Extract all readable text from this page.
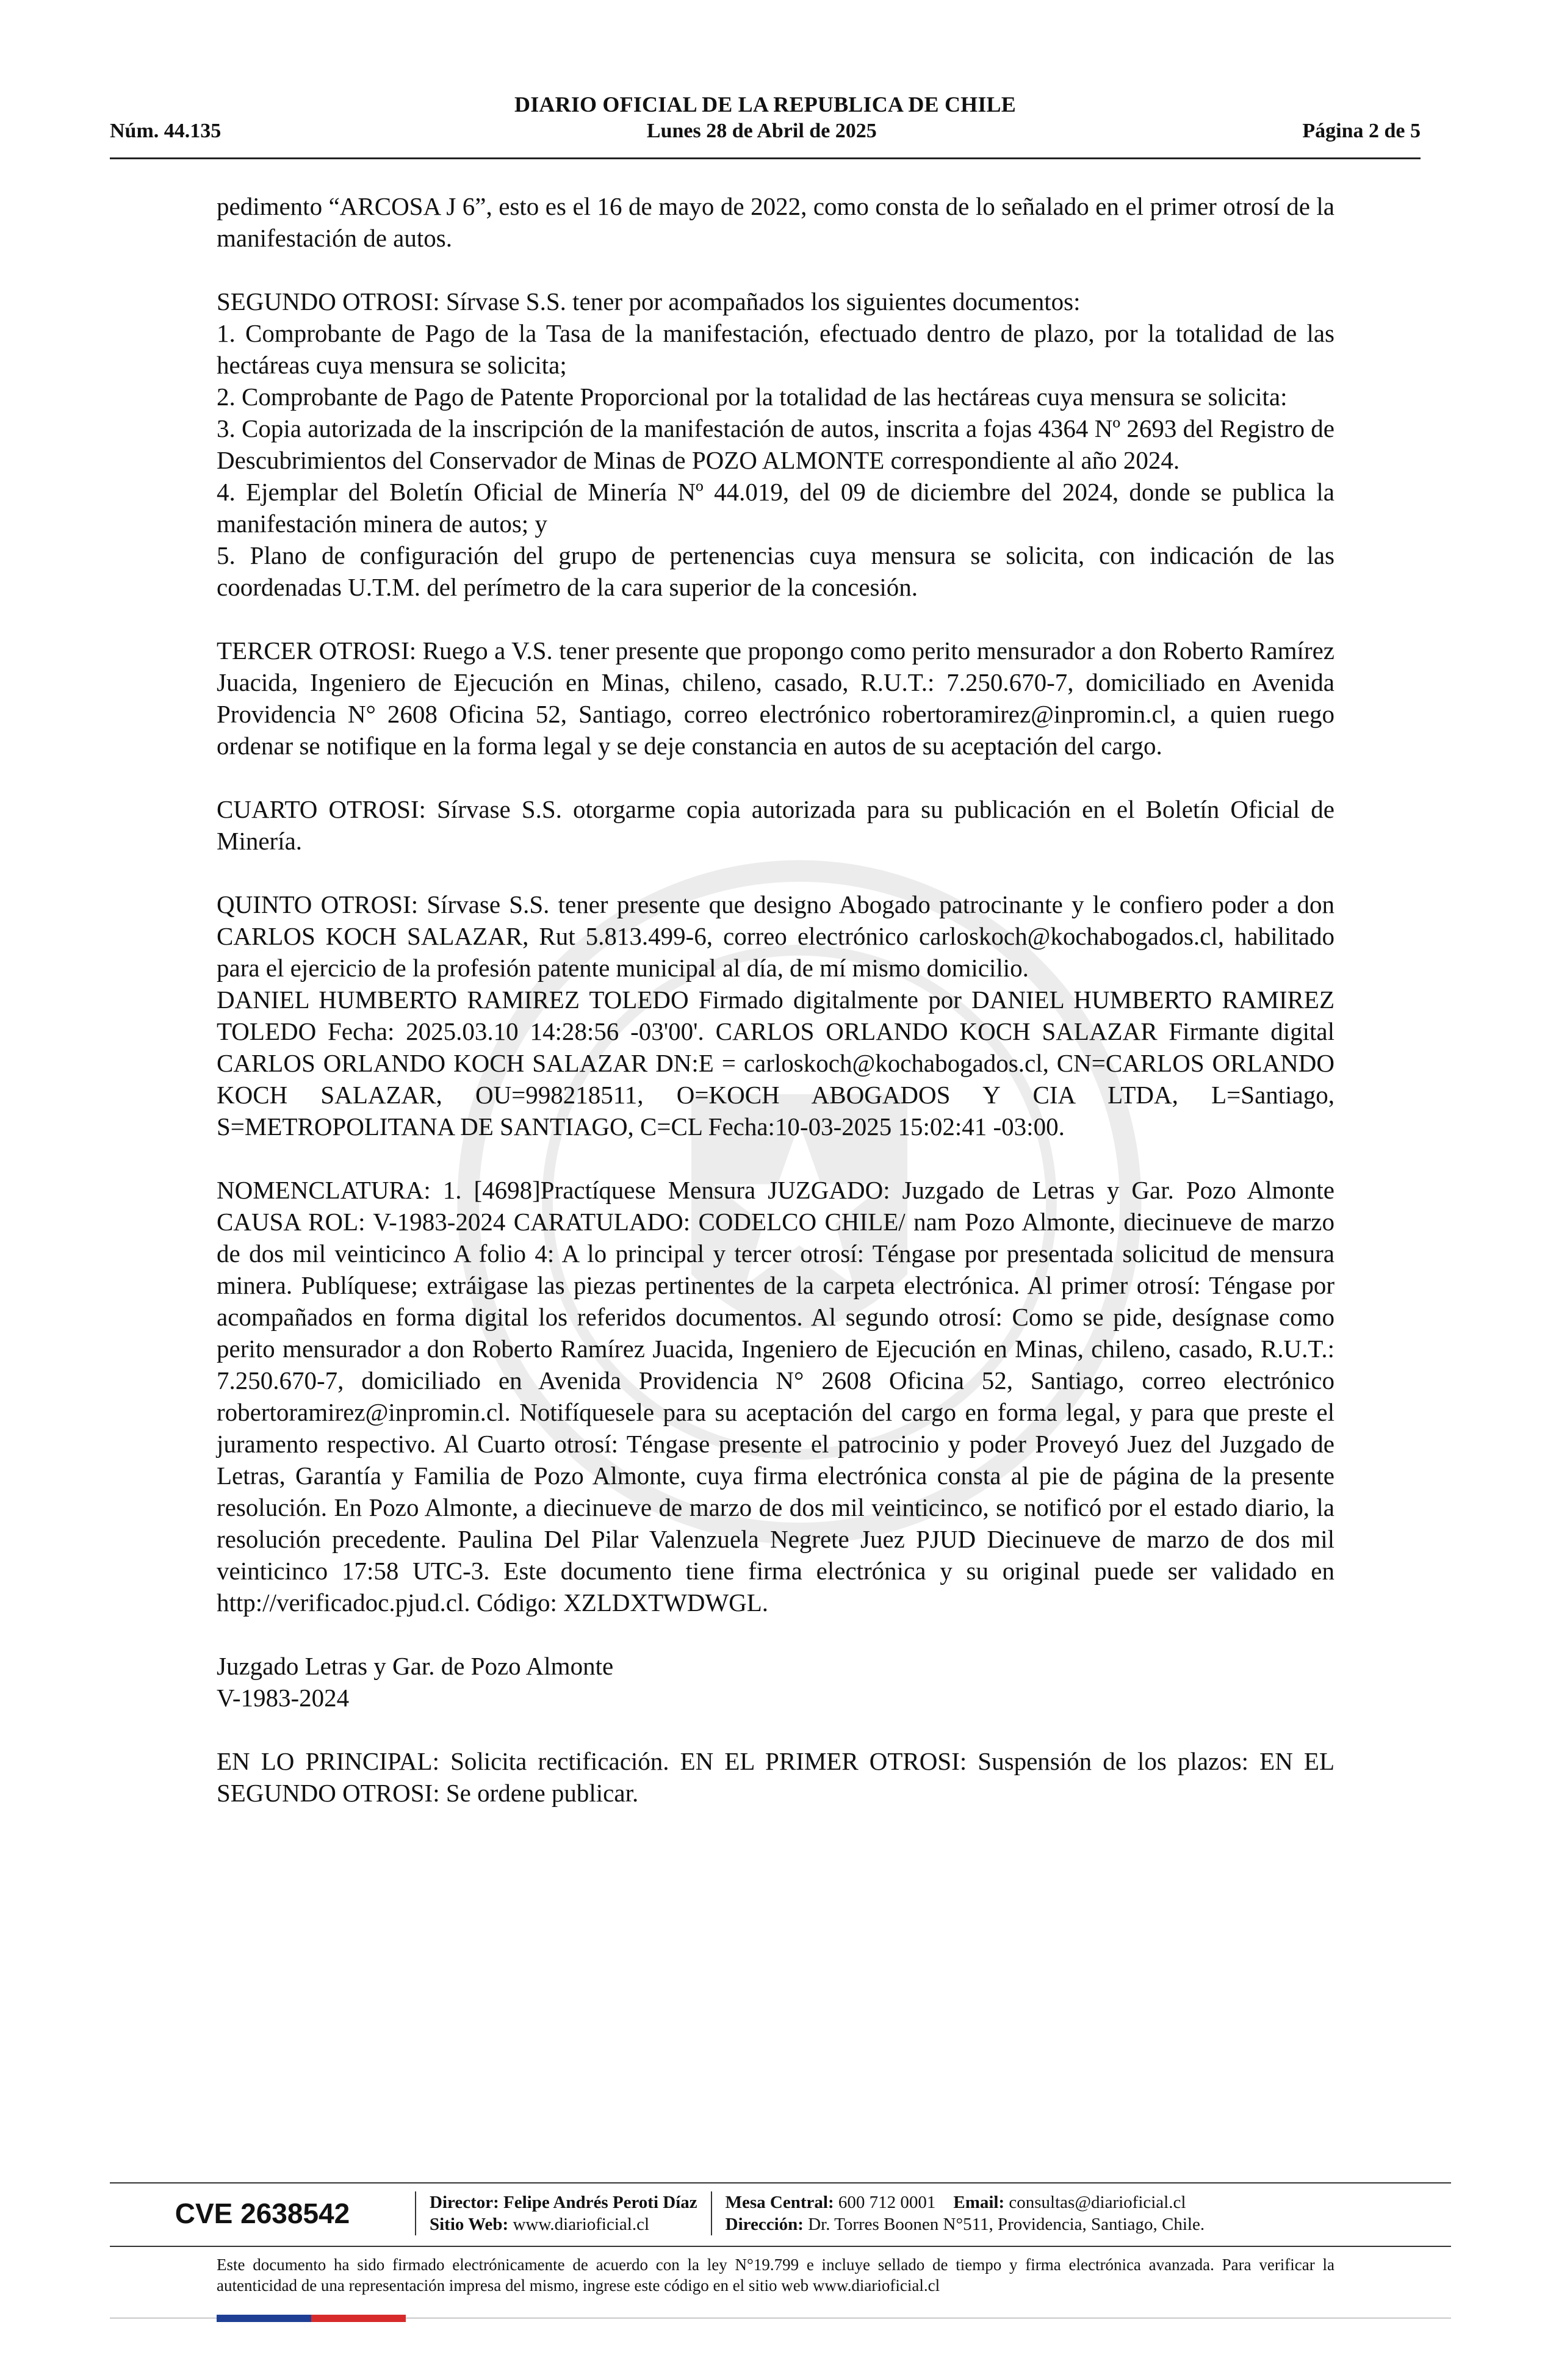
DIARIO OFICIAL DE LA REPUBLICA DE CHILE
Núm. 44.135	Lunes 28 de Abril de 2025	Página 2 de 5

pedimento “ARCOSA J 6”, esto es el 16 de mayo de 2022, como consta de lo señalado en el primer otrosí de la manifestación de autos.

SEGUNDO OTROSI: Sírvase S.S. tener por acompañados los siguientes documentos:

1. Comprobante de Pago de la Tasa de la manifestación, efectuado dentro de plazo, por la totalidad de las hectáreas cuya mensura se solicita;

2. Comprobante de Pago de Patente Proporcional por la totalidad de las hectáreas cuya mensura se solicita:

3. Copia autorizada de la inscripción de la manifestación de autos, inscrita a fojas 4364 Nº 2693 del Registro de Descubrimientos del Conservador de Minas de POZO ALMONTE correspondiente al año 2024.

4. Ejemplar del Boletín Oficial de Minería Nº 44.019, del 09 de diciembre del 2024, donde se publica la manifestación minera de autos; y

5. Plano de configuración del grupo de pertenencias cuya mensura se solicita, con indicación de las coordenadas U.T.M. del perímetro de la cara superior de la concesión.

TERCER OTROSI: Ruego a V.S. tener presente que propongo como perito mensurador a don Roberto Ramírez Juacida, Ingeniero de Ejecución en Minas, chileno, casado, R.U.T.: 7.250.670-7, domiciliado en Avenida Providencia N° 2608 Oficina 52, Santiago, correo electrónico robertoramirez@inpromin.cl, a quien ruego ordenar se notifique en la forma legal y se deje constancia en autos de su aceptación del cargo.

CUARTO OTROSI: Sírvase S.S. otorgarme copia autorizada para su publicación en el Boletín Oficial de Minería.

QUINTO OTROSI: Sírvase S.S. tener presente que designo Abogado patrocinante y le confiero poder a don CARLOS KOCH SALAZAR, Rut 5.813.499-6, correo electrónico carloskoch@kochabogados.cl, habilitado para el ejercicio de la profesión patente municipal al día, de mí mismo domicilio.

DANIEL HUMBERTO RAMIREZ TOLEDO Firmado digitalmente por DANIEL HUMBERTO RAMIREZ TOLEDO Fecha: 2025.03.10 14:28:56 -03'00'. CARLOS ORLANDO KOCH SALAZAR Firmante digital CARLOS ORLANDO KOCH SALAZAR DN:E = carloskoch@kochabogados.cl, CN=CARLOS ORLANDO KOCH SALAZAR, OU=998218511, O=KOCH ABOGADOS Y CIA LTDA, L=Santiago, S=METROPOLITANA DE SANTIAGO, C=CL Fecha:10-03-2025 15:02:41 -03:00.

NOMENCLATURA: 1. [4698]Practíquese Mensura JUZGADO: Juzgado de Letras y Gar. Pozo Almonte CAUSA ROL: V-1983-2024 CARATULADO: CODELCO CHILE/ nam Pozo Almonte, diecinueve de marzo de dos mil veinticinco A folio 4: A lo principal y tercer otrosí: Téngase por presentada solicitud de mensura minera. Publíquese; extráigase las piezas pertinentes de la carpeta electrónica. Al primer otrosí: Téngase por acompañados en forma digital los referidos documentos. Al segundo otrosí: Como se pide, desígnase como perito mensurador a don Roberto Ramírez Juacida, Ingeniero de Ejecución en Minas, chileno, casado, R.U.T.: 7.250.670-7, domiciliado en Avenida Providencia N° 2608 Oficina 52, Santiago, correo electrónico robertoramirez@inpromin.cl. Notifíquesele para su aceptación del cargo en forma legal, y para que preste el juramento respectivo. Al Cuarto otrosí: Téngase presente el patrocinio y poder Proveyó Juez del Juzgado de Letras, Garantía y Familia de Pozo Almonte, cuya firma electrónica consta al pie de página de la presente resolución. En Pozo Almonte, a diecinueve de marzo de dos mil veinticinco, se notificó por el estado diario, la resolución precedente. Paulina Del Pilar Valenzuela Negrete Juez PJUD Diecinueve de marzo de dos mil veinticinco 17:58 UTC-3. Este documento tiene firma electrónica y su original puede ser validado en http://verificadoc.pjud.cl. Código: XZLDXTWDWGL.

Juzgado Letras y Gar. de Pozo Almonte

V-1983-2024

EN LO PRINCIPAL: Solicita rectificación. EN EL PRIMER OTROSI: Suspensión de los plazos: EN EL SEGUNDO OTROSI: Se ordene publicar.

CVE 2638542	Director: Felipe Andrés Peroti Díaz
Sitio Web: www.diarioficial.cl
Mesa Central: 600 712 0001 Email: consultas@diarioficial.cl
Dirección: Dr. Torres Boonen N°511, Providencia, Santiago, Chile.
Este documento ha sido firmado electrónicamente de acuerdo con la ley N°19.799 e incluye sellado de tiempo y firma electrónica avanzada. Para verificar la autenticidad de una representación impresa del mismo, ingrese este código en el sitio web www.diarioficial.cl
